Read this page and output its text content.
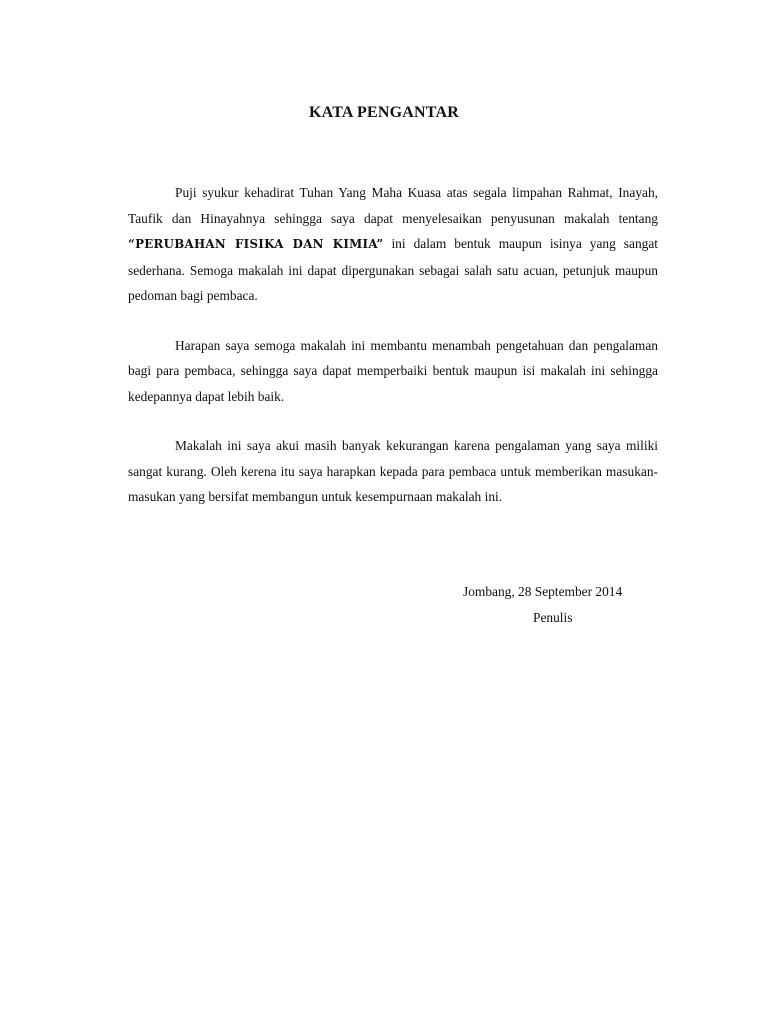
KATA PENGANTAR

Puji syukur kehadirat Tuhan Yang Maha Kuasa atas segala limpahan Rahmat, Inayah, Taufik dan Hinayahnya sehingga saya dapat menyelesaikan penyusunan makalah tentang “PERUBAHAN FISIKA DAN KIMIA” ini dalam bentuk maupun isinya yang sangat sederhana. Semoga makalah ini dapat dipergunakan sebagai salah satu acuan, petunjuk maupun pedoman bagi pembaca.

Harapan saya semoga makalah ini membantu menambah pengetahuan dan pengalaman bagi para pembaca, sehingga saya dapat memperbaiki bentuk maupun isi makalah ini sehingga kedepannya dapat lebih baik.

Makalah ini saya akui masih banyak kekurangan karena pengalaman yang saya miliki sangat kurang. Oleh kerena itu saya harapkan kepada para pembaca untuk memberikan masukan-masukan yang bersifat membangun untuk kesempurnaan makalah ini.

Jombang, 28 September 2014
Penulis
